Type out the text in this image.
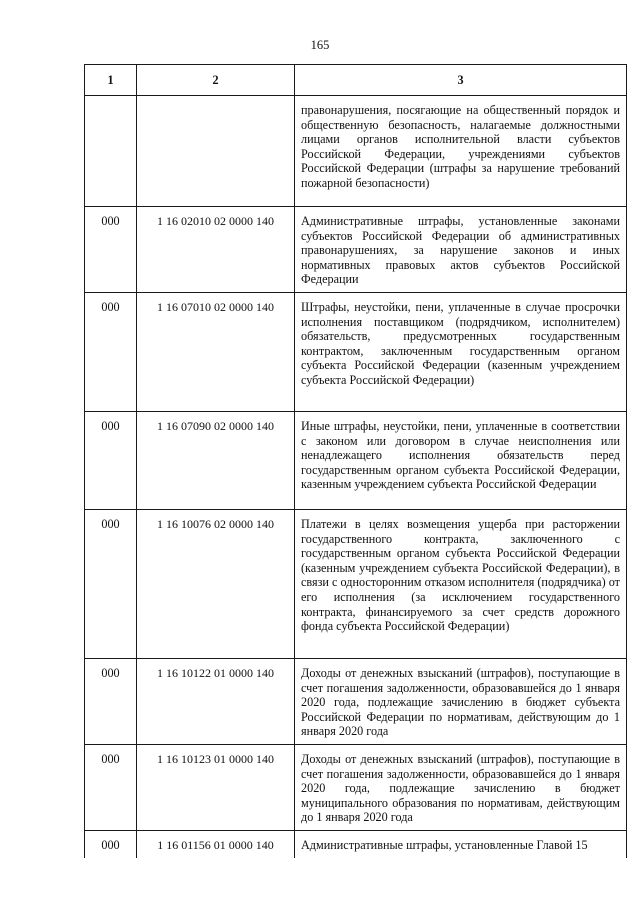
165
1	2	3
		правонарушения, посягающие на общественный порядок и общественную безопасность, налагаемые должностными лицами органов исполнительной власти субъектов Российской Федерации, учреждениями субъектов Российской Федерации (штрафы за нарушение требований пожарной безопасности)
000	1 16 02010 02 0000 140	Административные штрафы, установленные законами субъектов Российской Федерации об административных правонарушениях, за нарушение законов и иных нормативных правовых актов субъектов Российской Федерации
000	1 16 07010 02 0000 140	Штрафы, неустойки, пени, уплаченные в случае просрочки исполнения поставщиком (подрядчиком, исполнителем) обязательств, предусмотренных государственным контрактом, заключенным государственным органом субъекта Российской Федерации (казенным учреждением субъекта Российской Федерации)
000	1 16 07090 02 0000 140	Иные штрафы, неустойки, пени, уплаченные в соответствии с законом или договором в случае неисполнения или ненадлежащего исполнения обязательств перед государственным органом субъекта Российской Федерации, казенным учреждением субъекта Российской Федерации
000	1 16 10076 02 0000 140	Платежи в целях возмещения ущерба при расторжении государственного контракта, заключенного с государственным органом субъекта Российской Федерации (казенным учреждением субъекта Российской Федерации), в связи с односторонним отказом исполнителя (подрядчика) от его исполнения (за исключением государственного контракта, финансируемого за счет средств дорожного фонда субъекта Российской Федерации)
000	1 16 10122 01 0000 140	Доходы от денежных взысканий (штрафов), поступающие в счет погашения задолженности, образовавшейся до 1 января 2020 года, подлежащие зачислению в бюджет субъекта Российской Федерации по нормативам, действующим до 1 января 2020 года
000	1 16 10123 01 0000 140	Доходы от денежных взысканий (штрафов), поступающие в счет погашения задолженности, образовавшейся до 1 января 2020 года, подлежащие зачислению в бюджет муниципального образования по нормативам, действующим до 1 января 2020 года
000	1 16 01156 01 0000 140	Административные штрафы, установленные Главой 15
